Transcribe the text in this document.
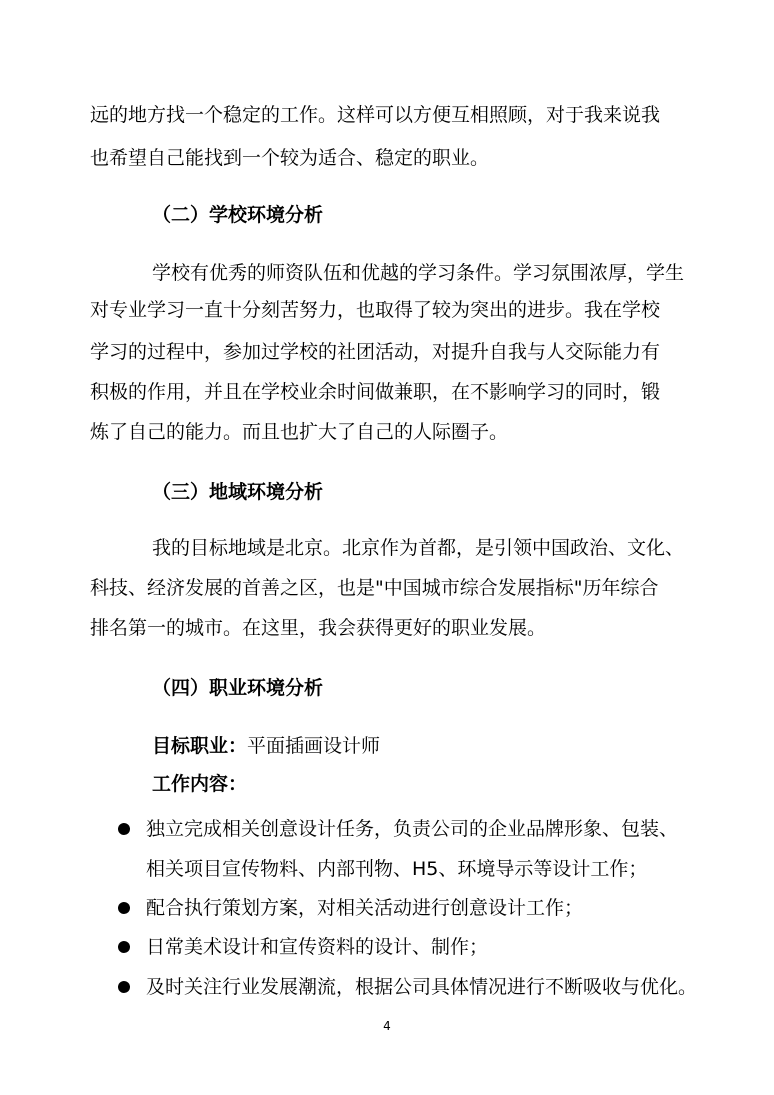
远的地方找一个稳定的工作。这样可以方便互相照顾，对于我来说我
也希望自己能找到一个较为适合、稳定的职业。
（二）学校环境分析
学校有优秀的师资队伍和优越的学习条件。学习氛围浓厚，学生
对专业学习一直十分刻苦努力，也取得了较为突出的进步。我在学校
学习的过程中，参加过学校的社团活动，对提升自我与人交际能力有
积极的作用，并且在学校业余时间做兼职，在不影响学习的同时，锻
炼了自己的能力。而且也扩大了自己的人际圈子。
（三）地域环境分析
我的目标地域是北京。北京作为首都，是引领中国政治、文化、
科技、经济发展的首善之区，也是"中国城市综合发展指标"历年综合
排名第一的城市。在这里，我会获得更好的职业发展。
（四）职业环境分析
目标职业：平面插画设计师
工作内容：
独立完成相关创意设计任务，负责公司的企业品牌形象、包装、
相关项目宣传物料、内部刊物、H5、环境导示等设计工作；
配合执行策划方案，对相关活动进行创意设计工作；
日常美术设计和宣传资料的设计、制作；
及时关注行业发展潮流，根据公司具体情况进行不断吸收与优化。
4
